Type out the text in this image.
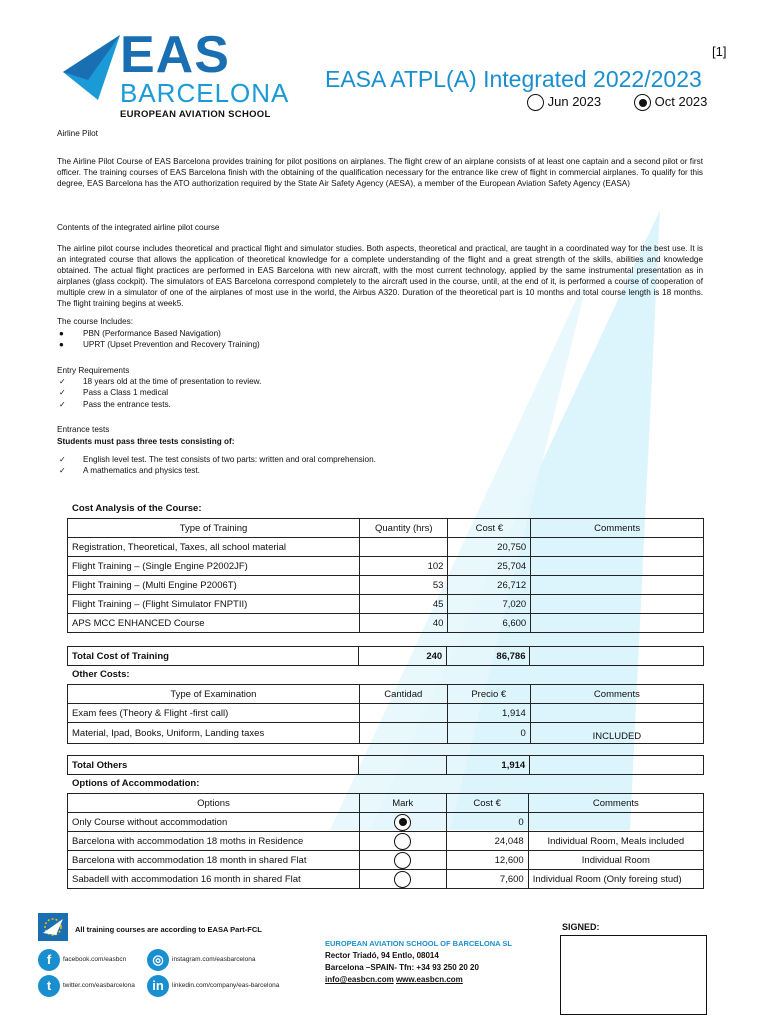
EAS
BARCELONA
EUROPEAN AVIATION SCHOOL
[1]
EASA ATPL(A) Integrated 2022/2023
Jun 2023	Oct 2023
Airline Pilot
The Airline Pilot Course of EAS Barcelona provides training for pilot positions on airplanes. The flight crew of an airplane consists of at least one captain and a second pilot or first officer. The training courses of EAS Barcelona finish with the obtaining of the qualification necessary for the entrance like crew of flight in commercial airplanes. To qualify for this degree, EAS Barcelona has the ATO authorization required by the State Air Safety Agency (AESA), a member of the European Aviation Safety Agency (EASA)
Contents of the integrated airline pilot course
The airline pilot course includes theoretical and practical flight and simulator studies. Both aspects, theoretical and practical, are taught in a coordinated way for the best use. It is an integrated course that allows the application of theoretical knowledge for a complete understanding of the flight and a great strength of the skills, abilities and knowledge obtained. The actual flight practices are performed in EAS Barcelona with new aircraft, with the most current technology, applied by the same instrumental presentation as in airplanes (glass cockpit). The simulators of EAS Barcelona correspond completely to the aircraft used in the course, until, at the end of it, is performed a course of cooperation of multiple crew in a simulator of one of the airplanes of most use in the world, the Airbus A320. Duration of the theoretical part is 10 months and total course length is 18 months. The flight training begins at week5.
The course Includes:
● PBN (Performance Based Navigation)
● UPRT (Upset Prevention and Recovery Training)
Entry Requirements
✓ 18 years old at the time of presentation to review.
✓ Pass a Class 1 medical
✓ Pass the entrance tests.
Entrance tests
Students must pass three tests consisting of:
✓ English level test. The test consists of two parts: written and oral comprehension.
✓ A mathematics and physics test.
Cost Analysis of the Course:
Type of Training	Quantity (hrs)	Cost €	Comments
Registration, Theoretical, Taxes, all school material		20,750	
Flight Training – (Single Engine P2002JF)	102	25,704	
Flight Training – (Multi Engine P2006T)	53	26,712	
Flight Training – (Flight Simulator FNPTII)	45	7,020	
APS MCC ENHANCED Course	40	6,600	
Total Cost of Training	240	86,786	
Other Costs:
Type of Examination	Cantidad	Precio €	Comments
Exam fees (Theory & Flight -first call)		1,914	
Material, Ipad, Books, Uniform, Landing taxes		0	INCLUDED
Total Others		1,914	
Options of Accommodation:
Options	Mark	Cost €	Comments
Only Course without accommodation		0	
Barcelona with accommodation 18 moths in Residence		24,048	Individual Room, Meals included
Barcelona with accommodation 18 month in shared Flat		12,600	Individual Room
Sabadell with accommodation 16 month in shared Flat		7,600	Individual Room (Only foreing stud)
All training courses are according to EASA Part-FCL
f	facebook.com/easbcn	◎	instagram.com/easbarcelona
t	twitter.com/easbarcelona	in	linkedin.com/company/eas-barcelona
EUROPEAN AVIATION SCHOOL OF BARCELONA SL
Rector Triadó, 94 Entlo, 08014
Barcelona –SPAIN- Tfn: +34 93 250 20 20
info@easbcn.com www.easbcn.com
SIGNED:
